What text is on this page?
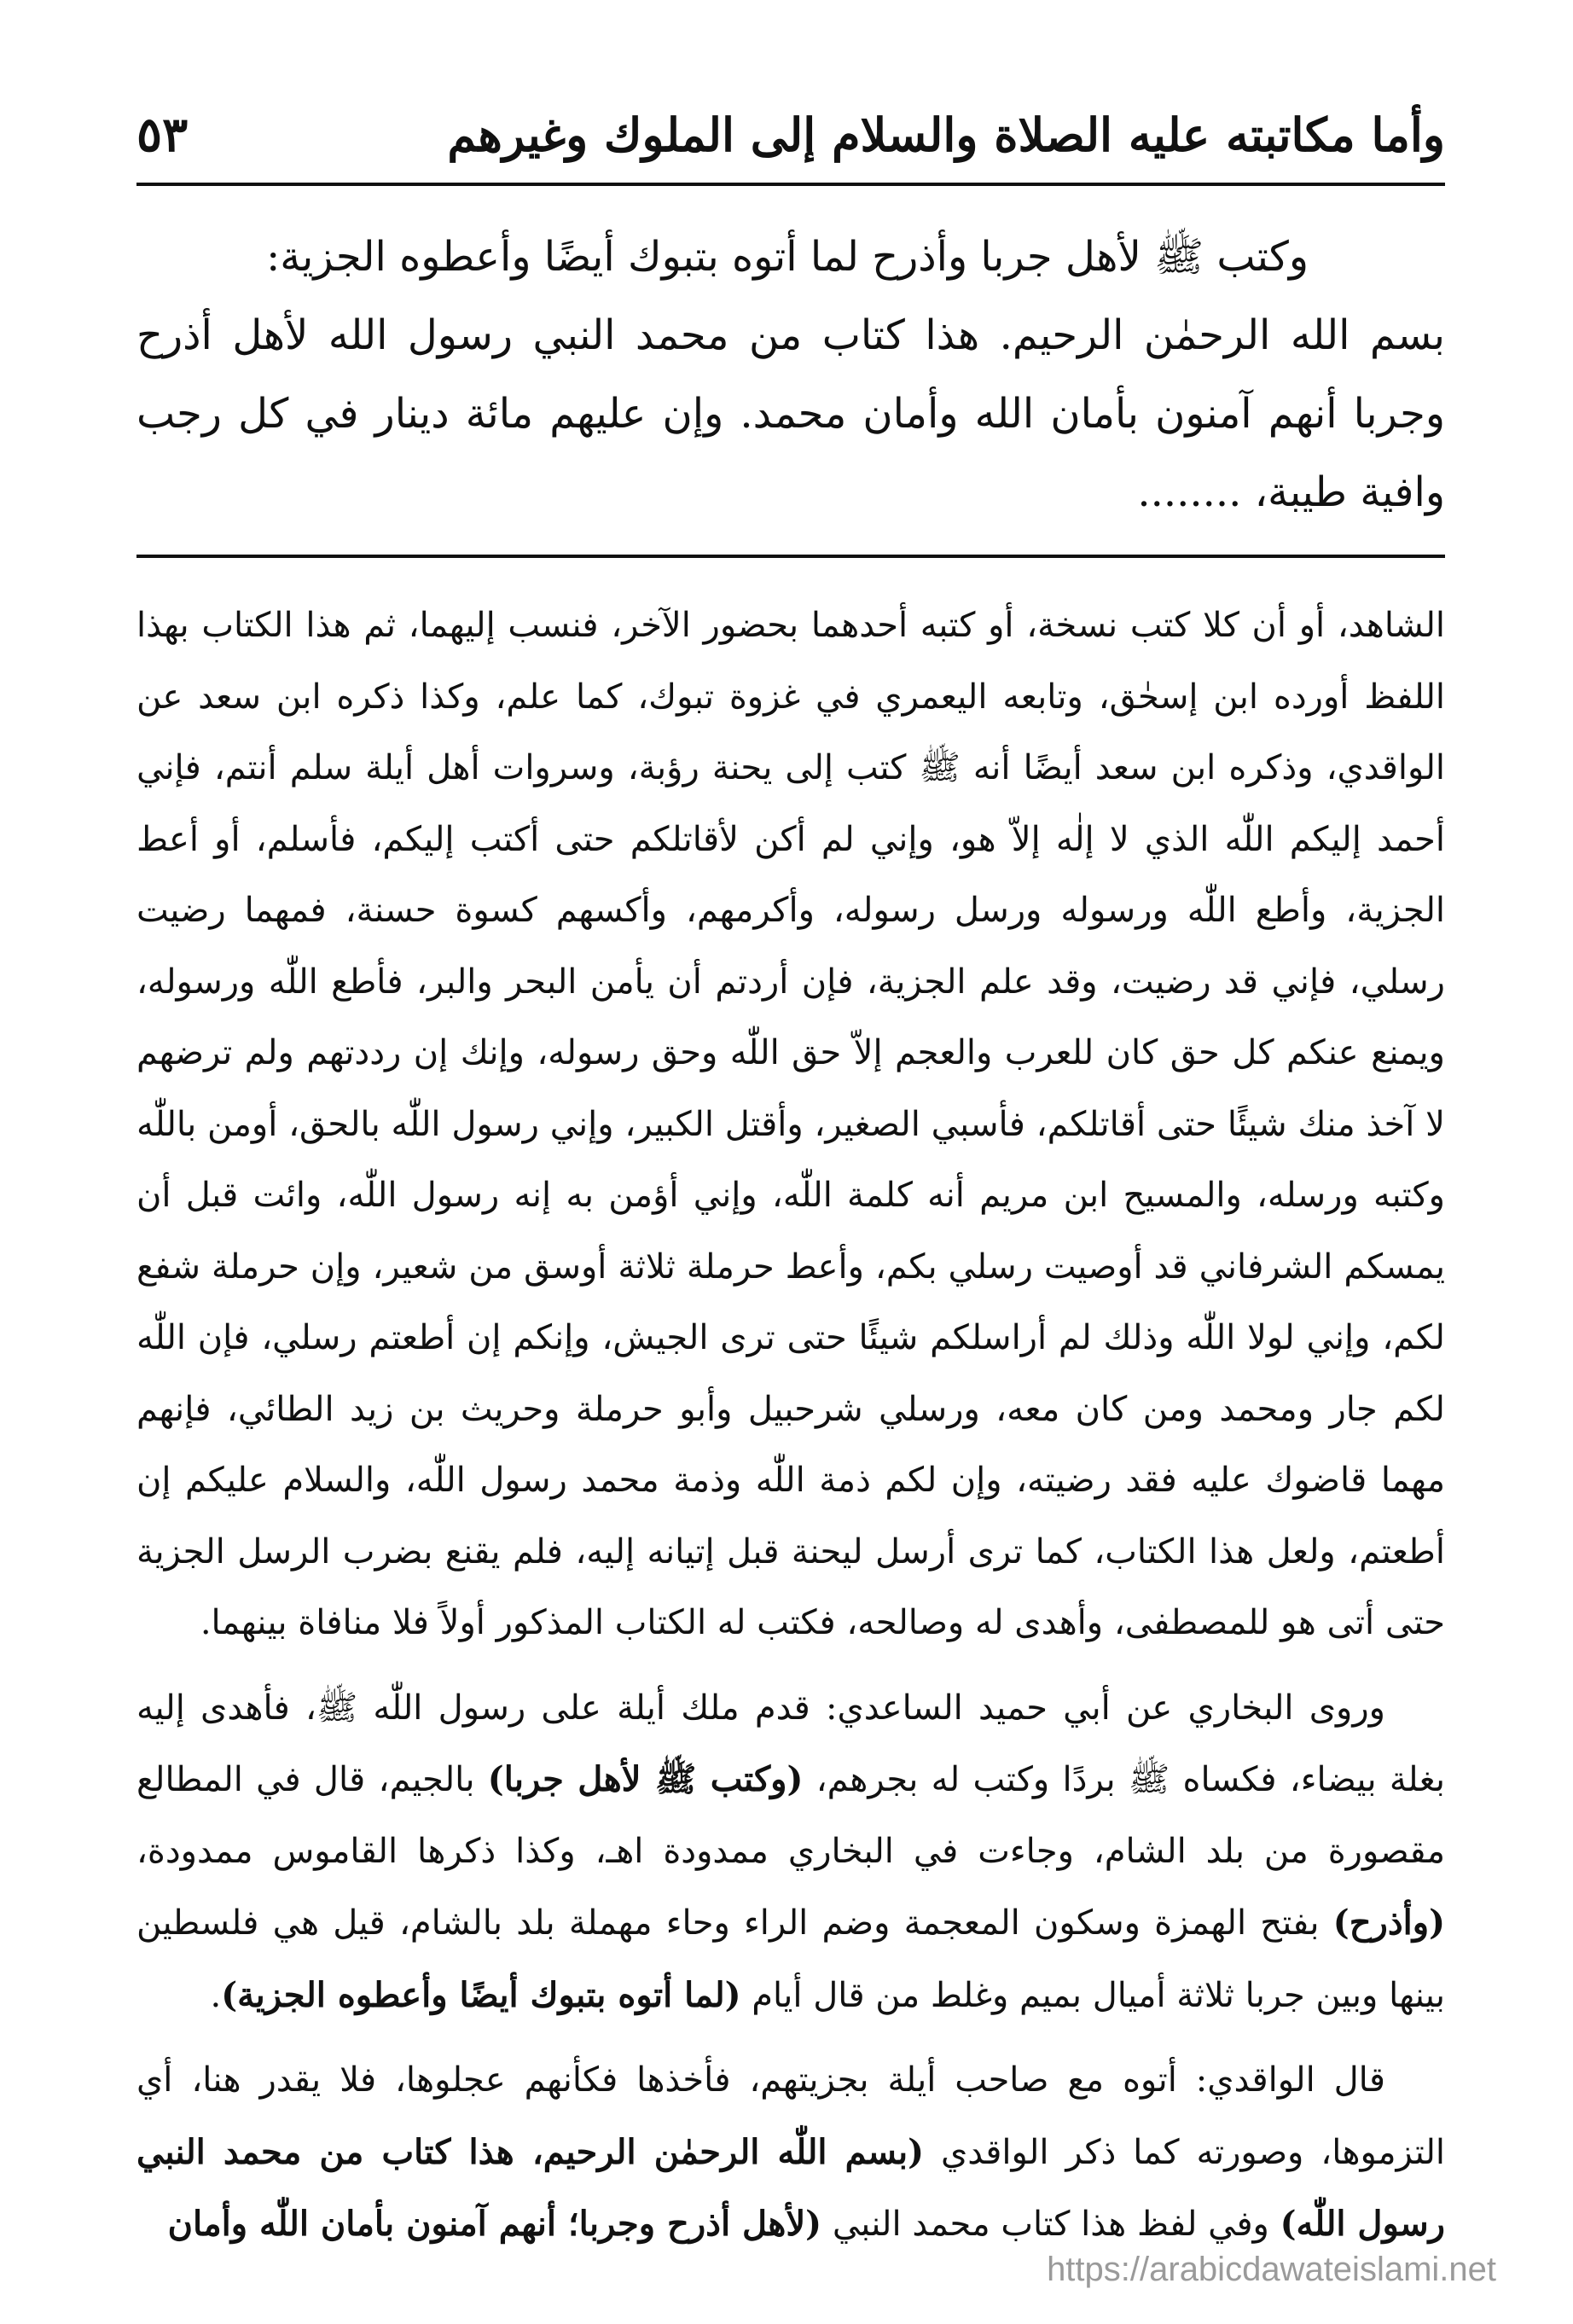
وأما مكاتبته عليه الصلاة والسلام إلى الملوك وغيرهم
٥٣

وكتب ﷺ لأهل جربا وأذرح لما أتوه بتبوك أيضًا وأعطوه الجزية:

بسم الله الرحمٰن الرحيم. هذا كتاب من محمد النبي رسول الله لأهل أذرح وجربا أنهم آمنون بأمان الله وأمان محمد. وإن عليهم مائة دينار في كل رجب وافية طيبة، ........

الشاهد، أو أن كلا كتب نسخة، أو كتبه أحدهما بحضور الآخر، فنسب إليهما، ثم هذا الكتاب بهذا اللفظ أورده ابن إسحٰق، وتابعه اليعمري في غزوة تبوك، كما علم، وكذا ذكره ابن سعد عن الواقدي، وذكره ابن سعد أيضًا أنه ﷺ كتب إلى يحنة رؤبة، وسروات أهل أيلة سلم أنتم، فإني أحمد إليكم اللّٰه الذي لا إلٰه إلاّ هو، وإني لم أكن لأقاتلكم حتى أكتب إليكم، فأسلم، أو أعط الجزية، وأطع اللّٰه ورسوله ورسل رسوله، وأكرمهم، وأكسهم كسوة حسنة، فمهما رضيت رسلي، فإني قد رضيت، وقد علم الجزية، فإن أردتم أن يأمن البحر والبر، فأطع اللّٰه ورسوله، ويمنع عنكم كل حق كان للعرب والعجم إلاّ حق اللّٰه وحق رسوله، وإنك إن رددتهم ولم ترضهم لا آخذ منك شيئًا حتى أقاتلكم، فأسبي الصغير، وأقتل الكبير، وإني رسول اللّٰه بالحق، أومن باللّٰه وكتبه ورسله، والمسيح ابن مريم أنه كلمة اللّٰه، وإني أؤمن به إنه رسول اللّٰه، وائت قبل أن يمسكم الشرفاني قد أوصيت رسلي بكم، وأعط حرملة ثلاثة أوسق من شعير، وإن حرملة شفع لكم، وإني لولا اللّٰه وذلك لم أراسلكم شيئًا حتى ترى الجيش، وإنكم إن أطعتم رسلي، فإن اللّٰه لكم جار ومحمد ومن كان معه، ورسلي شرحبيل وأبو حرملة وحريث بن زيد الطائي، فإنهم مهما قاضوك عليه فقد رضيته، وإن لكم ذمة اللّٰه وذمة محمد رسول اللّٰه، والسلام عليكم إن أطعتم، ولعل هذا الكتاب، كما ترى أرسل ليحنة قبل إتيانه إليه، فلم يقنع بضرب الرسل الجزية حتى أتى هو للمصطفى، وأهدى له وصالحه، فكتب له الكتاب المذكور أولاً فلا منافاة بينهما.

وروى البخاري عن أبي حميد الساعدي: قدم ملك أيلة على رسول اللّٰه ﷺ، فأهدى إليه بغلة بيضاء، فكساه ﷺ بردًا وكتب له بجرهم، (وكتب ﷺ لأهل جربا) بالجيم، قال في المطالع مقصورة من بلد الشام، وجاءت في البخاري ممدودة اهـ، وكذا ذكرها القاموس ممدودة، (وأذرح) بفتح الهمزة وسكون المعجمة وضم الراء وحاء مهملة بلد بالشام، قيل هي فلسطين بينها وبين جربا ثلاثة أميال بميم وغلط من قال أيام (لما أتوه بتبوك أيضًا وأعطوه الجزية).

قال الواقدي: أتوه مع صاحب أيلة بجزيتهم، فأخذها فكأنهم عجلوها، فلا يقدر هنا، أي التزموها، وصورته كما ذكر الواقدي (بسم اللّٰه الرحمٰن الرحيم، هذا كتاب من محمد النبي رسول اللّٰه) وفي لفظ هذا كتاب محمد النبي (لأهل أذرح وجربا؛ أنهم آمنون بأمان اللّٰه وأمان

https://arabicdawateislami.net
